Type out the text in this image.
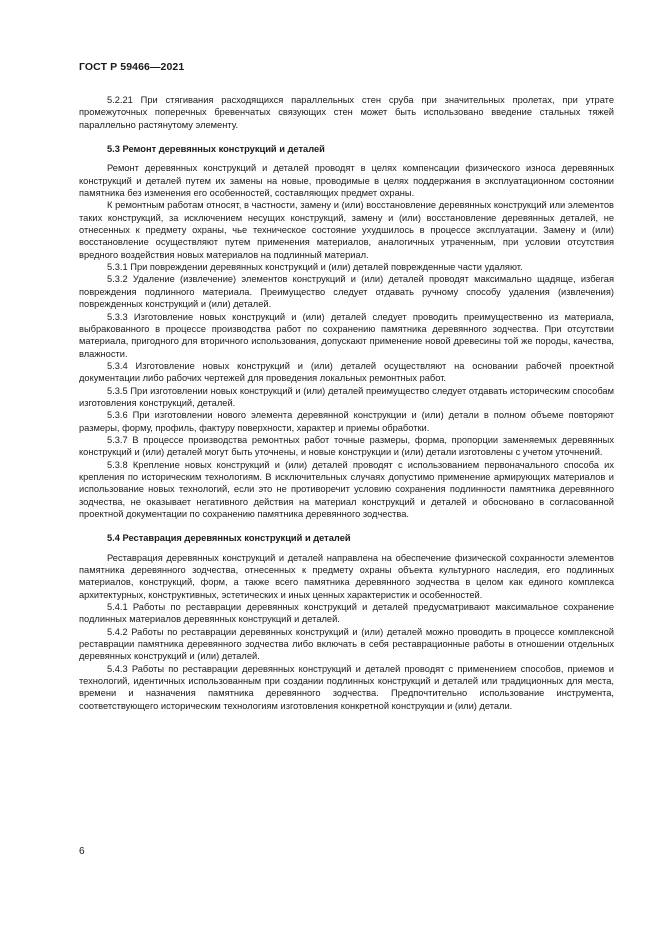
ГОСТ Р 59466—2021

5.2.21 При стягивания расходящихся параллельных стен сруба при значительных пролетах, при утрате промежуточных поперечных бревенчатых связующих стен может быть использовано введение стальных тяжей параллельно растянутому элементу.

5.3 Ремонт деревянных конструкций и деталей

Ремонт деревянных конструкций и деталей проводят в целях компенсации физического износа деревянных конструкций и деталей путем их замены на новые, проводимые в целях поддержания в эксплуатационном состоянии памятника без изменения его особенностей, составляющих предмет охраны.

К ремонтным работам относят, в частности, замену и (или) восстановление деревянных конструкций или элементов таких конструкций, за исключением несущих конструкций, замену и (или) восстановление деревянных деталей, не отнесенных к предмету охраны, чье техническое состояние ухудшилось в процессе эксплуатации. Замену и (или) восстановление осуществляют путем применения материалов, аналогичных утраченным, при условии отсутствия вредного воздействия новых материалов на подлинный материал.

5.3.1 При повреждении деревянных конструкций и (или) деталей поврежденные части удаляют.

5.3.2 Удаление (извлечение) элементов конструкций и (или) деталей проводят максимально щадяще, избегая повреждения подлинного материала. Преимущество следует отдавать ручному способу удаления (извлечения) поврежденных конструкций и (или) деталей.

5.3.3 Изготовление новых конструкций и (или) деталей следует проводить преимущественно из материала, выбракованного в процессе производства работ по сохранению памятника деревянного зодчества. При отсутствии материала, пригодного для вторичного использования, допускают применение новой древесины той же породы, качества, влажности.

5.3.4 Изготовление новых конструкций и (или) деталей осуществляют на основании рабочей проектной документации либо рабочих чертежей для проведения локальных ремонтных работ.

5.3.5 При изготовлении новых конструкций и (или) деталей преимущество следует отдавать историческим способам изготовления конструкций, деталей.

5.3.6 При изготовлении нового элемента деревянной конструкции и (или) детали в полном объеме повторяют размеры, форму, профиль, фактуру поверхности, характер и приемы обработки.

5.3.7 В процессе производства ремонтных работ точные размеры, форма, пропорции заменяемых деревянных конструкций и (или) деталей могут быть уточнены, и новые конструкции и (или) детали изготовлены с учетом уточнений.

5.3.8 Крепление новых конструкций и (или) деталей проводят с использованием первоначального способа их крепления по историческим технологиям. В исключительных случаях допустимо применение армирующих материалов и использование новых технологий, если это не противоречит условию сохранения подлинности памятника деревянного зодчества, не оказывает негативного действия на материал конструкций и деталей и обосновано в согласованной проектной документации по сохранению памятника деревянного зодчества.

5.4 Реставрация деревянных конструкций и деталей

Реставрация деревянных конструкций и деталей направлена на обеспечение физической сохранности элементов памятника деревянного зодчества, отнесенных к предмету охраны объекта культурного наследия, его подлинных материалов, конструкций, форм, а также всего памятника деревянного зодчества в целом как единого комплекса архитектурных, конструктивных, эстетических и иных ценных характеристик и особенностей.

5.4.1 Работы по реставрации деревянных конструкций и деталей предусматривают максимальное сохранение подлинных материалов деревянных конструкций и деталей.

5.4.2 Работы по реставрации деревянных конструкций и (или) деталей можно проводить в процессе комплексной реставрации памятника деревянного зодчества либо включать в себя реставрационные работы в отношении отдельных деревянных конструкций и (или) деталей.

5.4.3 Работы по реставрации деревянных конструкций и деталей проводят с применением способов, приемов и технологий, идентичных использованным при создании подлинных конструкций и деталей или традиционных для места, времени и назначения памятника деревянного зодчества. Предпочтительно использование инструмента, соответствующего историческим технологиям изготовления конкретной конструкции и (или) детали.

6
